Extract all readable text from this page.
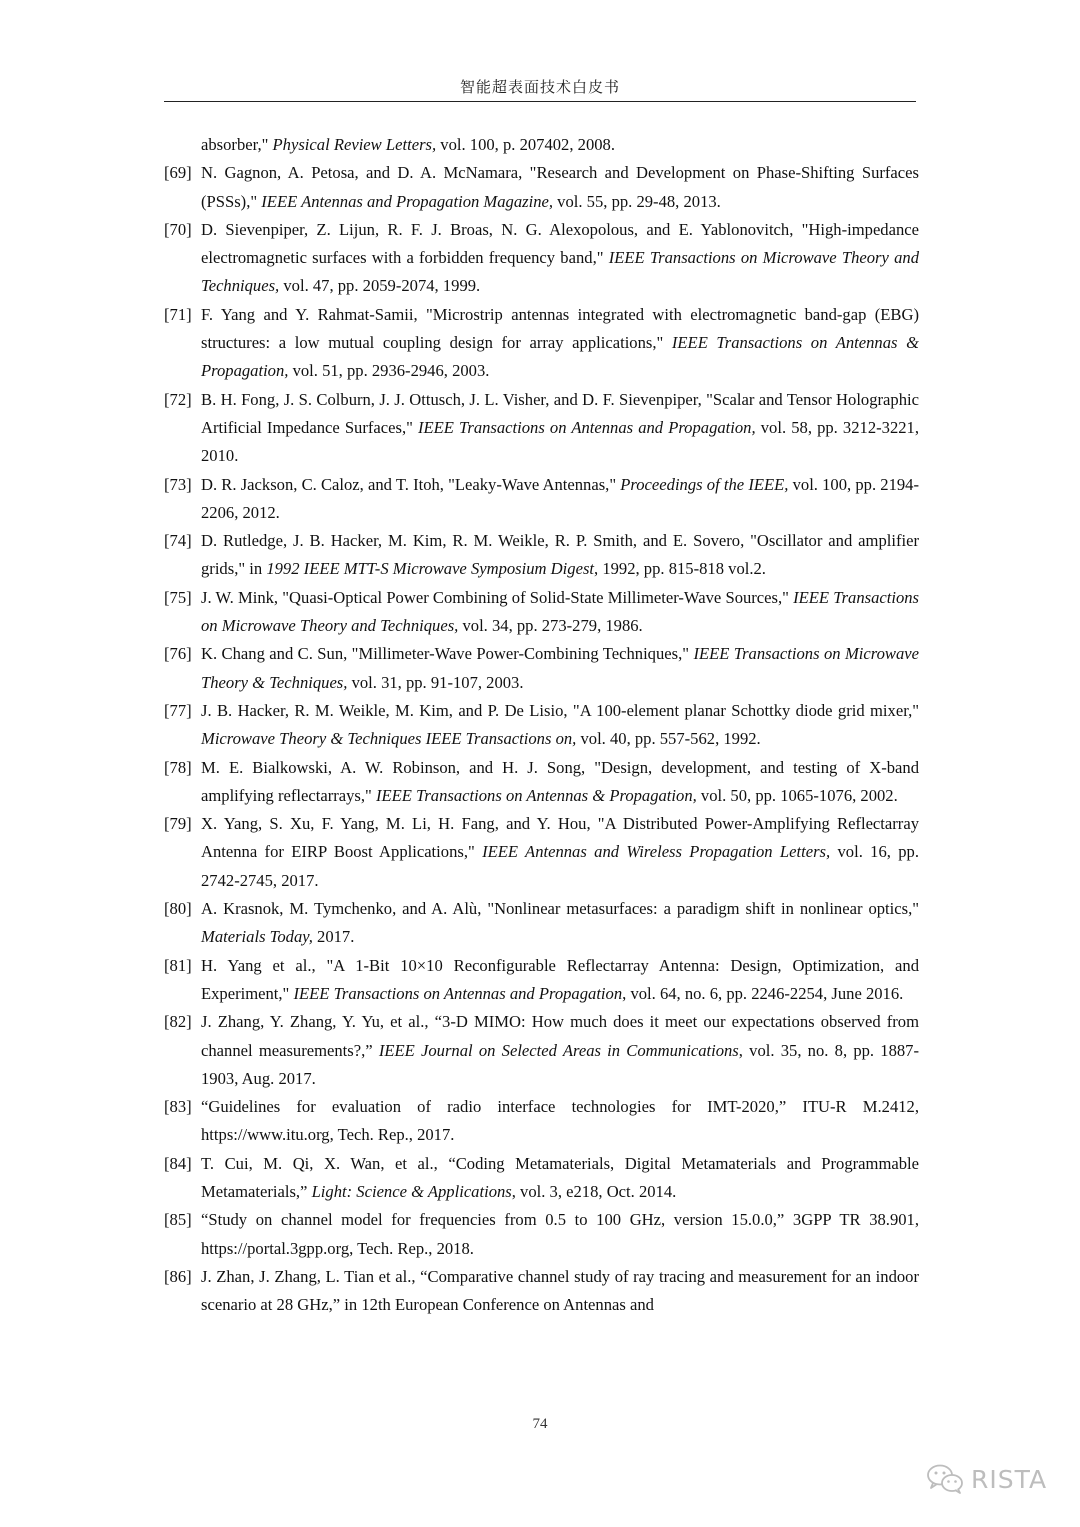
智能超表面技术白皮书
absorber," Physical Review Letters, vol. 100, p. 207402, 2008.
[69] N. Gagnon, A. Petosa, and D. A. McNamara, "Research and Development on Phase-Shifting Surfaces (PSSs)," IEEE Antennas and Propagation Magazine, vol. 55, pp. 29-48, 2013.
[70] D. Sievenpiper, Z. Lijun, R. F. J. Broas, N. G. Alexopolous, and E. Yablonovitch, "High-impedance electromagnetic surfaces with a forbidden frequency band," IEEE Transactions on Microwave Theory and Techniques, vol. 47, pp. 2059-2074, 1999.
[71] F. Yang and Y. Rahmat-Samii, "Microstrip antennas integrated with electromagnetic band-gap (EBG) structures: a low mutual coupling design for array applications," IEEE Transactions on Antennas & Propagation, vol. 51, pp. 2936-2946, 2003.
[72] B. H. Fong, J. S. Colburn, J. J. Ottusch, J. L. Visher, and D. F. Sievenpiper, "Scalar and Tensor Holographic Artificial Impedance Surfaces," IEEE Transactions on Antennas and Propagation, vol. 58, pp. 3212-3221, 2010.
[73] D. R. Jackson, C. Caloz, and T. Itoh, "Leaky-Wave Antennas," Proceedings of the IEEE, vol. 100, pp. 2194-2206, 2012.
[74] D. Rutledge, J. B. Hacker, M. Kim, R. M. Weikle, R. P. Smith, and E. Sovero, "Oscillator and amplifier grids," in 1992 IEEE MTT-S Microwave Symposium Digest, 1992, pp. 815-818 vol.2.
[75] J. W. Mink, "Quasi-Optical Power Combining of Solid-State Millimeter-Wave Sources," IEEE Transactions on Microwave Theory and Techniques, vol. 34, pp. 273-279, 1986.
[76] K. Chang and C. Sun, "Millimeter-Wave Power-Combining Techniques," IEEE Transactions on Microwave Theory & Techniques, vol. 31, pp. 91-107, 2003.
[77] J. B. Hacker, R. M. Weikle, M. Kim, and P. De Lisio, "A 100-element planar Schottky diode grid mixer," Microwave Theory & Techniques IEEE Transactions on, vol. 40, pp. 557-562, 1992.
[78] M. E. Bialkowski, A. W. Robinson, and H. J. Song, "Design, development, and testing of X-band amplifying reflectarrays," IEEE Transactions on Antennas & Propagation, vol. 50, pp. 1065-1076, 2002.
[79] X. Yang, S. Xu, F. Yang, M. Li, H. Fang, and Y. Hou, "A Distributed Power-Amplifying Reflectarray Antenna for EIRP Boost Applications," IEEE Antennas and Wireless Propagation Letters, vol. 16, pp. 2742-2745, 2017.
[80] A. Krasnok, M. Tymchenko, and A. Alù, "Nonlinear metasurfaces: a paradigm shift in nonlinear optics," Materials Today, 2017.
[81] H. Yang et al., "A 1-Bit 10×10 Reconfigurable Reflectarray Antenna: Design, Optimization, and Experiment," IEEE Transactions on Antennas and Propagation, vol. 64, no. 6, pp. 2246-2254, June 2016.
[82] J. Zhang, Y. Zhang, Y. Yu, et al., “3-D MIMO: How much does it meet our expectations observed from channel measurements?,” IEEE Journal on Selected Areas in Communications, vol. 35, no. 8, pp. 1887-1903, Aug. 2017.
[83] “Guidelines for evaluation of radio interface technologies for IMT-2020,” ITU-R M.2412, https://www.itu.org, Tech. Rep., 2017.
[84] T. Cui, M. Qi, X. Wan, et al., “Coding Metamaterials, Digital Metamaterials and Programmable Metamaterials,” Light: Science & Applications, vol. 3, e218, Oct. 2014.
[85] “Study on channel model for frequencies from 0.5 to 100 GHz, version 15.0.0,” 3GPP TR 38.901, https://portal.3gpp.org, Tech. Rep., 2018.
[86] J. Zhan, J. Zhang, L. Tian et al., “Comparative channel study of ray tracing and measurement for an indoor scenario at 28 GHz,” in 12th European Conference on Antennas and
74
RISTA
